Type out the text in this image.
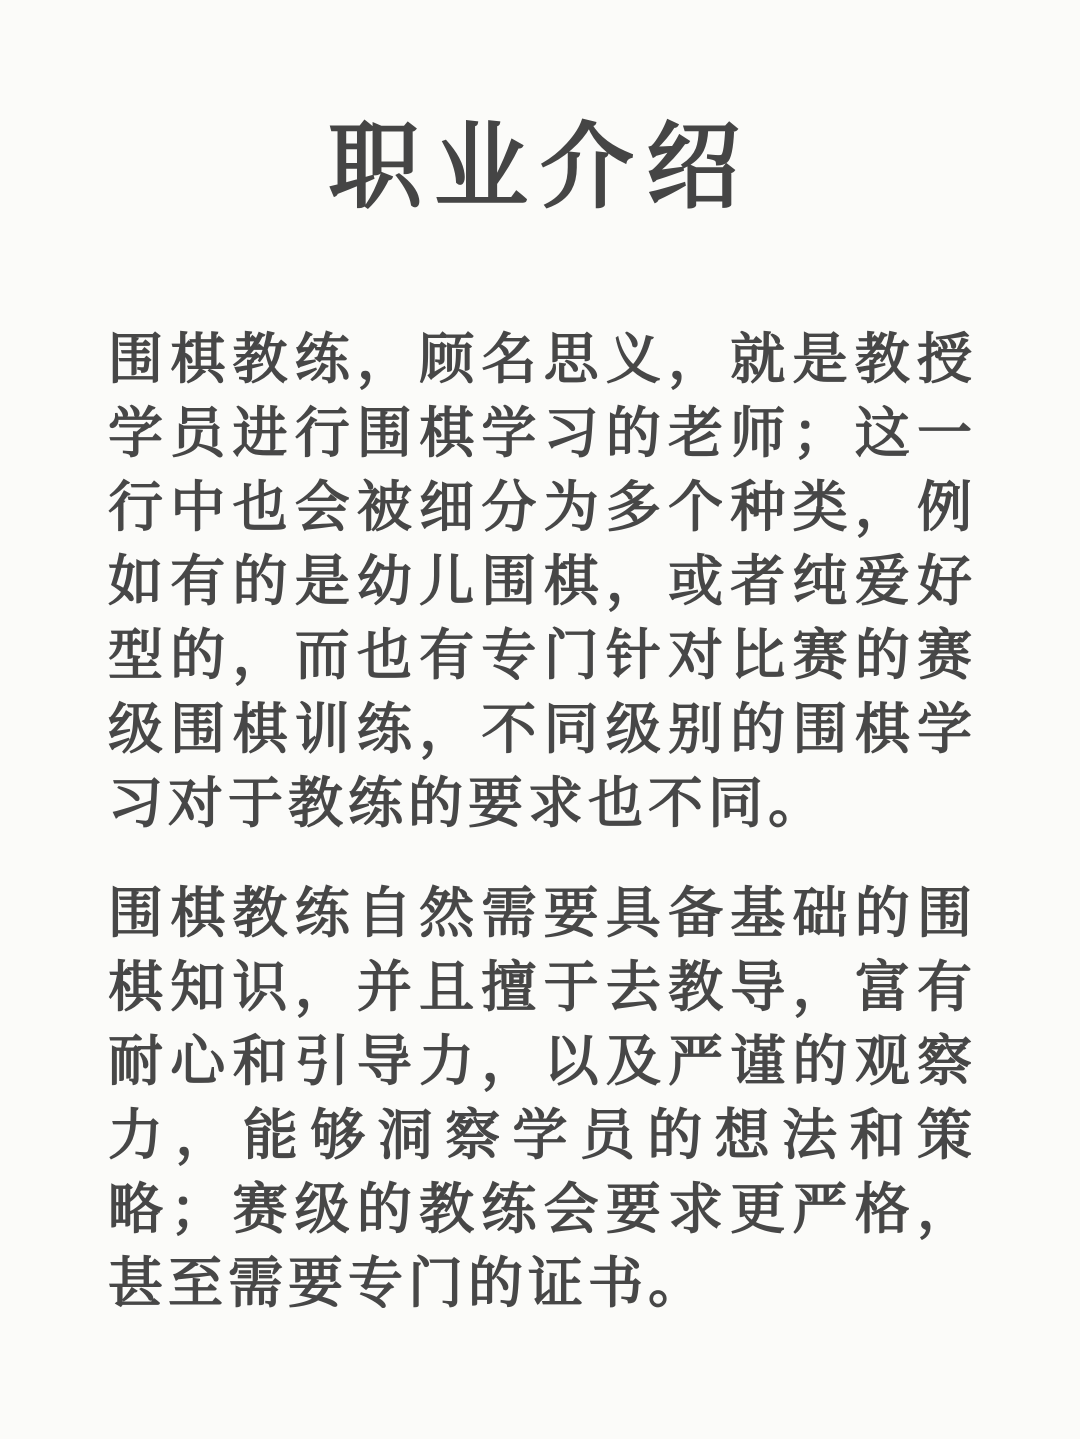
职业介绍
围棋教练，顾名思义，就是教授
学员进行围棋学习的老师；这一
行中也会被细分为多个种类，例
如有的是幼儿围棋，或者纯爱好
型的，而也有专门针对比赛的赛
级围棋训练，不同级别的围棋学
习对于教练的要求也不同。
围棋教练自然需要具备基础的围
棋知识，并且擅于去教导，富有
耐心和引导力，以及严谨的观察
力，能够洞察学员的想法和策
略；赛级的教练会要求更严格，
甚至需要专门的证书。
